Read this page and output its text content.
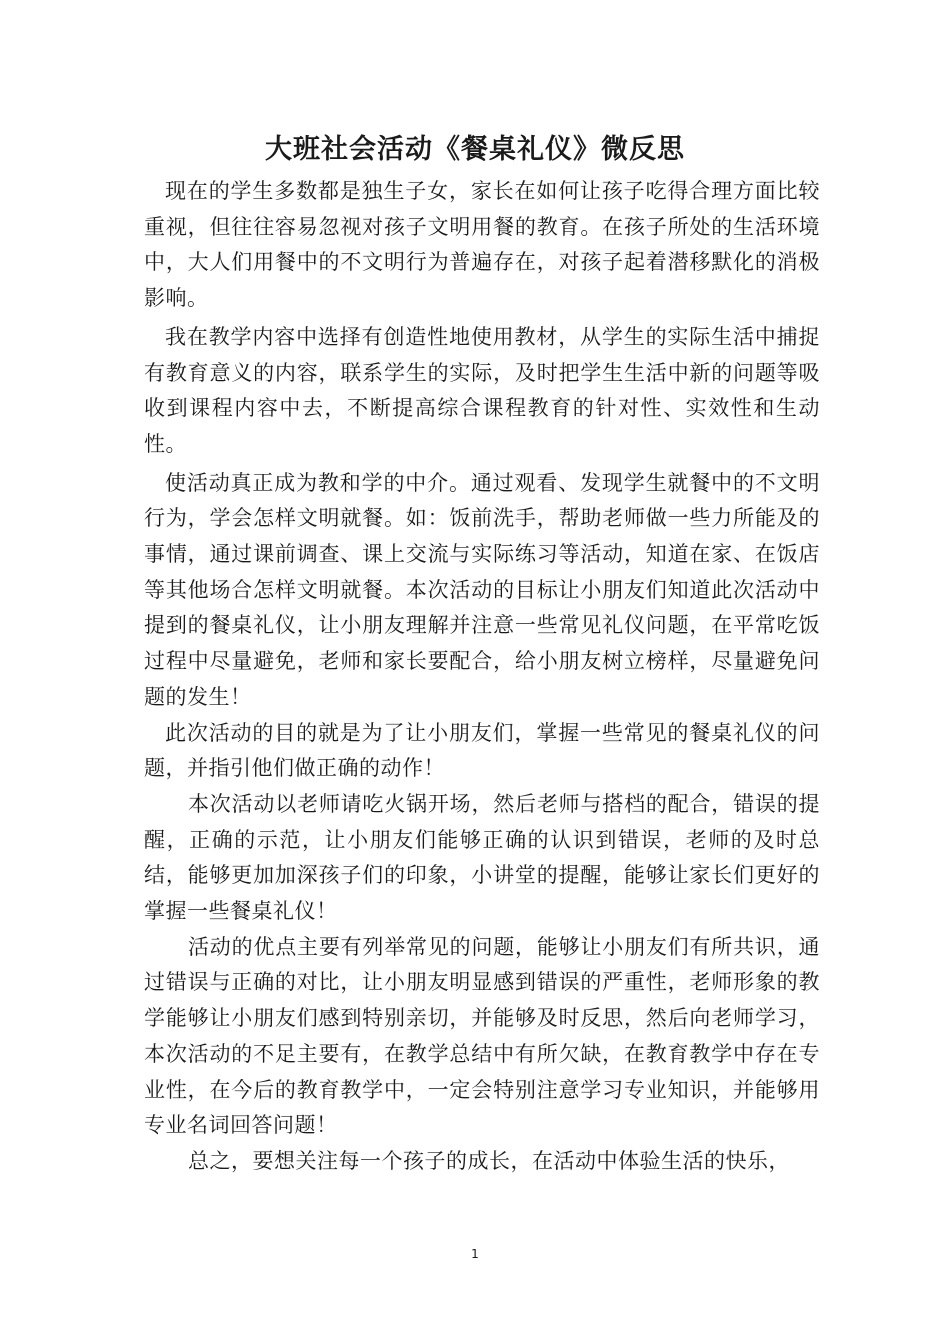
大班社会活动《餐桌礼仪》微反思

现在的学生多数都是独生子女，家长在如何让孩子吃得合理方面比较重视，但往往容易忽视对孩子文明用餐的教育。在孩子所处的生活环境中，大人们用餐中的不文明行为普遍存在，对孩子起着潜移默化的消极影响。

我在教学内容中选择有创造性地使用教材，从学生的实际生活中捕捉有教育意义的内容，联系学生的实际，及时把学生生活中新的问题等吸收到课程内容中去，不断提高综合课程教育的针对性、实效性和生动性。

使活动真正成为教和学的中介。通过观看、发现学生就餐中的不文明行为，学会怎样文明就餐。如：饭前洗手，帮助老师做一些力所能及的事情，通过课前调查、课上交流与实际练习等活动，知道在家、在饭店等其他场合怎样文明就餐。本次活动的目标让小朋友们知道此次活动中提到的餐桌礼仪，让小朋友理解并注意一些常见礼仪问题，在平常吃饭过程中尽量避免，老师和家长要配合，给小朋友树立榜样，尽量避免问题的发生！

此次活动的目的就是为了让小朋友们，掌握一些常见的餐桌礼仪的问题，并指引他们做正确的动作！

本次活动以老师请吃火锅开场，然后老师与搭档的配合，错误的提醒，正确的示范，让小朋友们能够正确的认识到错误，老师的及时总结，能够更加加深孩子们的印象，小讲堂的提醒，能够让家长们更好的掌握一些餐桌礼仪！

活动的优点主要有列举常见的问题，能够让小朋友们有所共识，通过错误与正确的对比，让小朋友明显感到错误的严重性，老师形象的教学能够让小朋友们感到特别亲切，并能够及时反思，然后向老师学习，本次活动的不足主要有，在教学总结中有所欠缺，在教育教学中存在专业性，在今后的教育教学中，一定会特别注意学习专业知识，并能够用专业名词回答问题！

总之，要想关注每一个孩子的成长，在活动中体验生活的快乐，

1
